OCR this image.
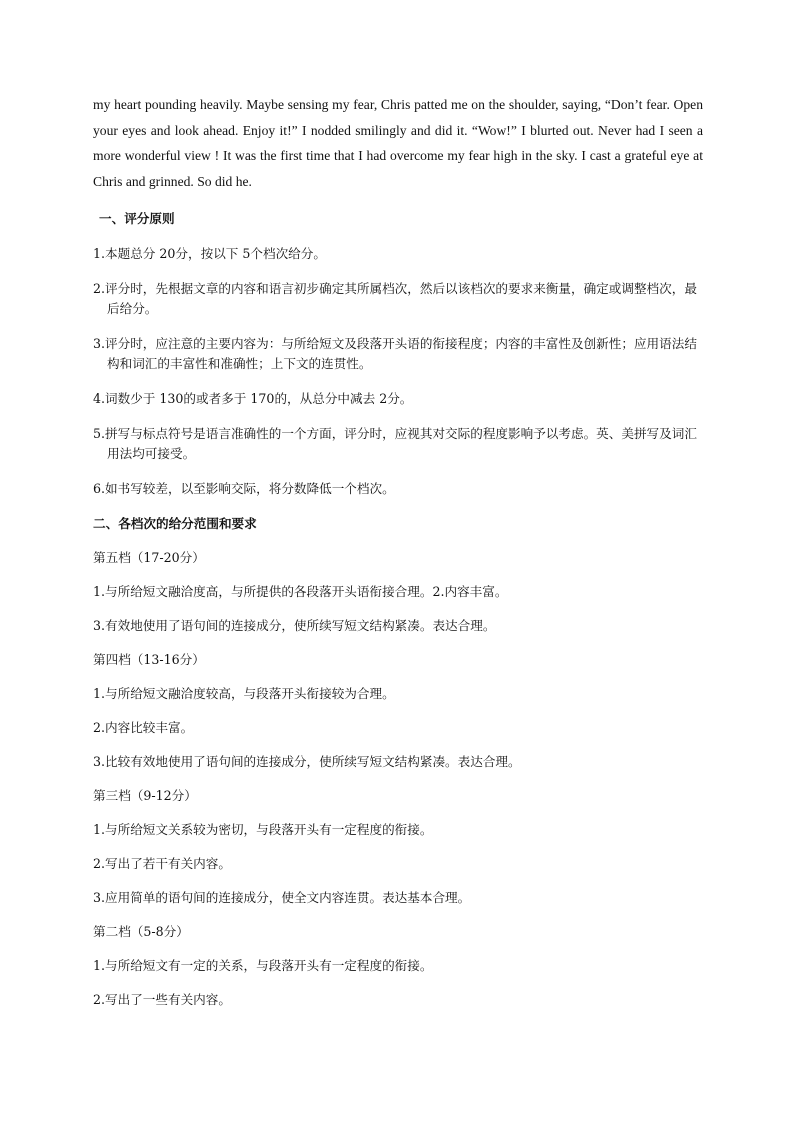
my heart pounding heavily. Maybe sensing my fear, Chris patted me on the shoulder, saying, “Don’t fear. Open your eyes and look ahead. Enjoy it!” I nodded smilingly and did it. “Wow!” I blurted out. Never had I seen a more wonderful view ! It was the first time that I had overcome my fear high in the sky. I cast a grateful eye at Chris and grinned. So did he.

一、评分原则

1.本题总分 20分，按以下 5个档次给分。

2.评分时，先根据文章的内容和语言初步确定其所属档次，然后以该档次的要求来衡量，确定或调整档次，最后给分。

3.评分时，应注意的主要内容为：与所给短文及段落开头语的衔接程度；内容的丰富性及创新性；应用语法结构和词汇的丰富性和准确性；上下文的连贯性。

4.词数少于 130的或者多于 170的，从总分中减去 2分。

5.拼写与标点符号是语言准确性的一个方面，评分时，应视其对交际的程度影响予以考虑。英、美拼写及词汇用法均可接受。

6.如书写较差，以至影响交际，将分数降低一个档次。

二、各档次的给分范围和要求

第五档（17-20分）

1.与所给短文融洽度高，与所提供的各段落开头语衔接合理。2.内容丰富。

3.有效地使用了语句间的连接成分，使所续写短文结构紧凑。表达合理。

第四档（13-16分）

1.与所给短文融洽度较高，与段落开头衔接较为合理。

2.内容比较丰富。

3.比较有效地使用了语句间的连接成分，使所续写短文结构紧凑。表达合理。

第三档（9-12分）

1.与所给短文关系较为密切，与段落开头有一定程度的衔接。

2.写出了若干有关内容。

3.应用简单的语句间的连接成分，使全文内容连贯。表达基本合理。

第二档（5-8分）

1.与所给短文有一定的关系，与段落开头有一定程度的衔接。

2.写出了一些有关内容。
